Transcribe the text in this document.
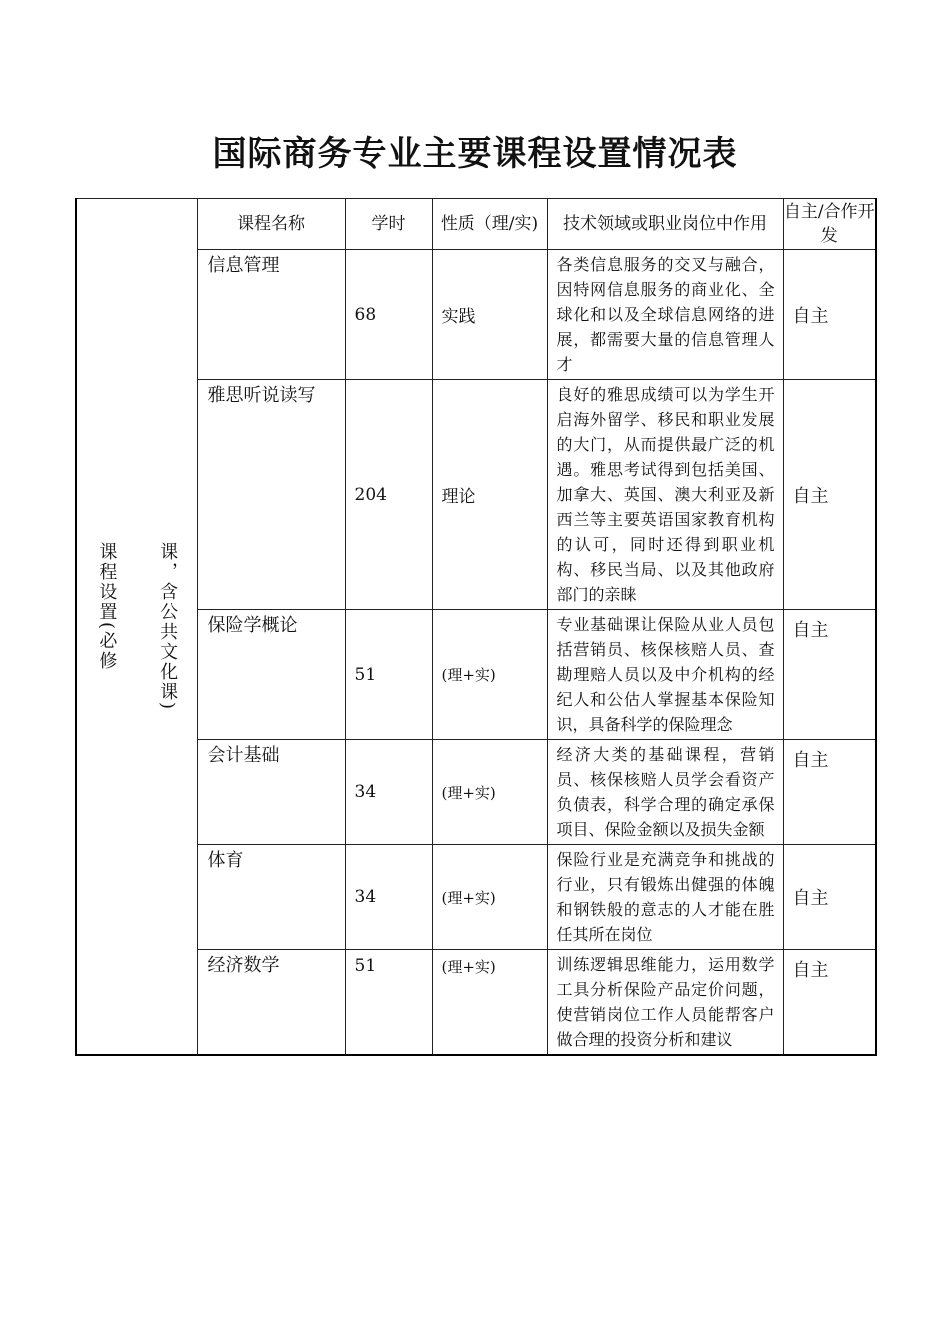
国际商务专业主要课程设置情况表
课程设置(必修 课，含公共文化课)	课程名称	学时	性质（理/实)	技术领域或职业岗位中作用	自主/合作开发
	信息管理	68	实践	各类信息服务的交叉与融合，因特网信息服务的商业化、全球化和以及全球信息网络的进展，都需要大量的信息管理人才	自主
	雅思听说读写	204	理论	良好的雅思成绩可以为学生开启海外留学、移民和职业发展的大门，从而提供最广泛的机遇。雅思考试得到包括美国、加拿大、英国、澳大利亚及新西兰等主要英语国家教育机构的认可，同时还得到职业机构、移民当局、以及其他政府部门的亲睐	自主
	保险学概论	51	(理+实)	专业基础课让保险从业人员包括营销员、核保核赔人员、查勘理赔人员以及中介机构的经纪人和公估人掌握基本保险知识，具备科学的保险理念	自主
	会计基础	34	(理+实)	经济大类的基础课程，营销员、核保核赔人员学会看资产负债表，科学合理的确定承保项目、保险金额以及损失金额	自主
	体育	34	(理+实)	保险行业是充满竞争和挑战的行业，只有锻炼出健强的体魄和钢铁般的意志的人才能在胜任其所在岗位	自主
	经济数学	51	(理+实)	训练逻辑思维能力，运用数学工具分析保险产品定价问题，使营销岗位工作人员能帮客户做合理的投资分析和建议	自主
